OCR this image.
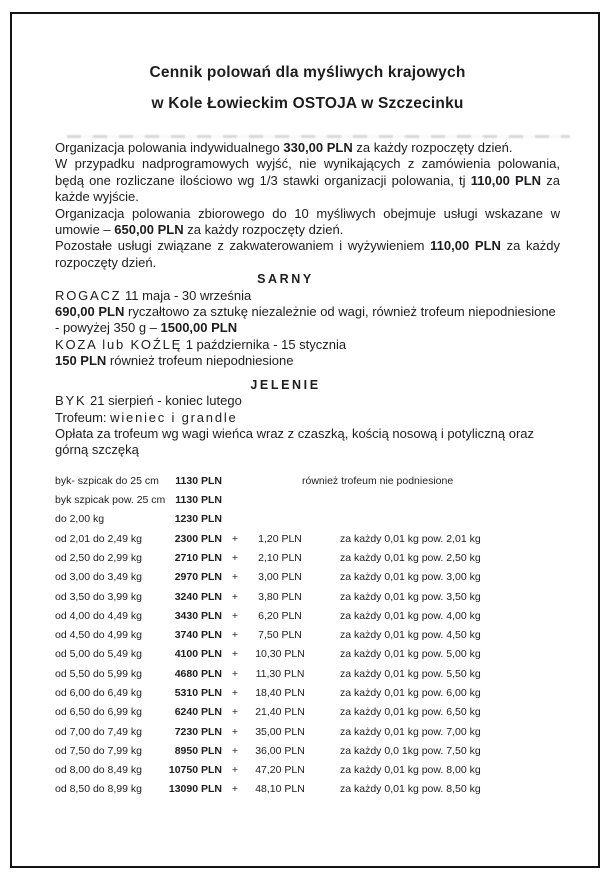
Cennik polowań dla myśliwych krajowych
w Kole Łowieckim OSTOJA w Szczecinku

Organizacja polowania indywidualnego 330,00 PLN za każdy rozpoczęty dzień.

W przypadku nadprogramowych wyjść, nie wynikających z zamówienia polowania, będą one rozliczane ilościowo wg 1/3 stawki organizacji polowania, tj 110,00 PLN za każde wyjście.

Organizacja polowania zbiorowego do 10 myśliwych obejmuje usługi wskazane w umowie – 650,00 PLN za każdy rozpoczęty dzień.

Pozostałe usługi związane z zakwaterowaniem i wyżywieniem 110,00 PLN za każdy rozpoczęty dzień.

SARNY

ROGACZ 11 maja - 30 września

690,00 PLN ryczałtowo za sztukę niezależnie od wagi, również trofeum niepodniesione

- powyżej 350 g – 1500,00 PLN

KOZA lub KOŹLĘ 1 października - 15 stycznia

150 PLN również trofeum niepodniesione

JELENIE

BYK 21 sierpień - koniec lutego

Trofeum: wieniec i grandle

Opłata za trofeum wg wagi wieńca wraz z czaszką, kością nosową i potyliczną oraz górną szczęką

byk- szpicak do 25 cm	1130 PLN	również trofeum nie podniesione
byk szpicak pow. 25 cm 1130 PLN
do 2,00 kg	1230 PLN
od 2,01 do 2,49 kg	2300 PLN +	1,20 PLN	za każdy 0,01 kg pow. 2,01 kg
od 2,50 do 2,99 kg	2710 PLN +	2,10 PLN	za każdy 0,01 kg pow. 2,50 kg
od 3,00 do 3,49 kg	2970 PLN +	3,00 PLN	za każdy 0,01 kg pow. 3,00 kg
od 3,50 do 3,99 kg	3240 PLN +	3,80 PLN	za każdy 0,01 kg pow. 3,50 kg
od 4,00 do 4,49 kg	3430 PLN +	6,20 PLN	za każdy 0,01 kg pow. 4,00 kg
od 4,50 do 4,99 kg	3740 PLN +	7,50 PLN	za każdy 0,01 kg pow. 4,50 kg
od 5,00 do 5,49 kg	4100 PLN +	10,30 PLN	za każdy 0,01 kg pow. 5,00 kg
od 5,50 do 5,99 kg	4680 PLN +	11,30 PLN	za każdy 0,01 kg pow. 5,50 kg
od 6,00 do 6,49 kg	5310 PLN +	18,40 PLN	za każdy 0,01 kg pow. 6,00 kg
od 6,50 do 6,99 kg	6240 PLN +	21,40 PLN	za każdy 0,01 kg pow. 6,50 kg
od 7,00 do 7,49 kg	7230 PLN +	35,00 PLN	za każdy 0,01 kg pow. 7,00 kg
od 7,50 do 7,99 kg	8950 PLN +	36,00 PLN	za każdy 0,0 1kg pow. 7,50 kg
od 8,00 do 8,49 kg	10750 PLN +	47,20 PLN	za każdy 0,01 kg pow. 8,00 kg
od 8,50 do 8,99 kg	13090 PLN +	48,10 PLN	za każdy 0,01 kg pow. 8,50 kg
